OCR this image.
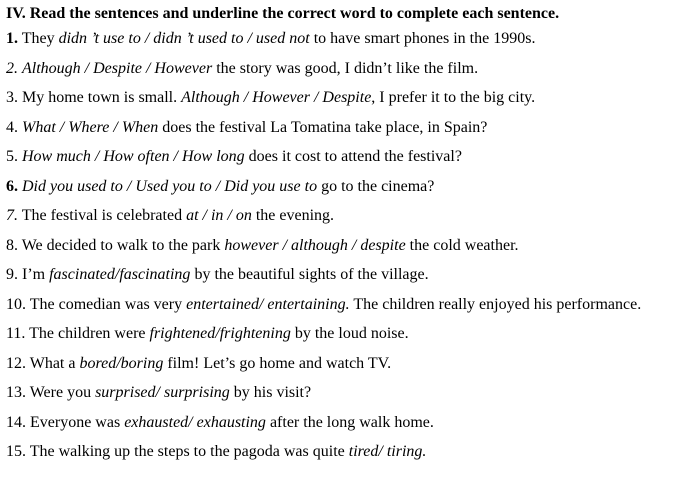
IV. Read the sentences and underline the correct word to complete each sentence.
1. They didn ’t use to / didn ’t used to / used not to have smart phones in the 1990s.
2. Although / Despite / However the story was good, I didn’t like the film.
3. My home town is small. Although / However / Despite, I prefer it to the big city.
4. What / Where / When does the festival La Tomatina take place, in Spain?
5. How much / How often / How long does it cost to attend the festival?
6. Did you used to / Used you to / Did you use to go to the cinema?
7. The festival is celebrated at / in / on the evening.
8. We decided to walk to the park however / although / despite the cold weather.
9. I’m fascinated/fascinating by the beautiful sights of the village.
10. The comedian was very entertained/ entertaining. The children really enjoyed his performance.
11. The children were frightened/frightening by the loud noise.
12. What a bored/boring film! Let’s go home and watch TV.
13. Were you surprised/ surprising by his visit?
14. Everyone was exhausted/ exhausting after the long walk home.
15. The walking up the steps to the pagoda was quite tired/ tiring.
